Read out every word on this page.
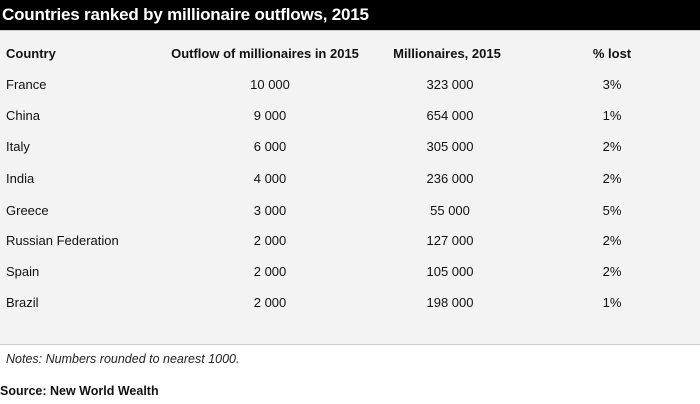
Countries ranked by millionaire outflows, 2015
Country	Outflow of millionaires in 2015	Millionaires, 2015	% lost
France	10 000	323 000	3%
China	9 000	654 000	1%
Italy	6 000	305 000	2%
India	4 000	236 000	2%
Greece	3 000	55 000	5%
Russian Federation	2 000	127 000	2%
Spain	2 000	105 000	2%
Brazil	2 000	198 000	1%
Notes: Numbers rounded to nearest 1000.
Source: New World Wealth
